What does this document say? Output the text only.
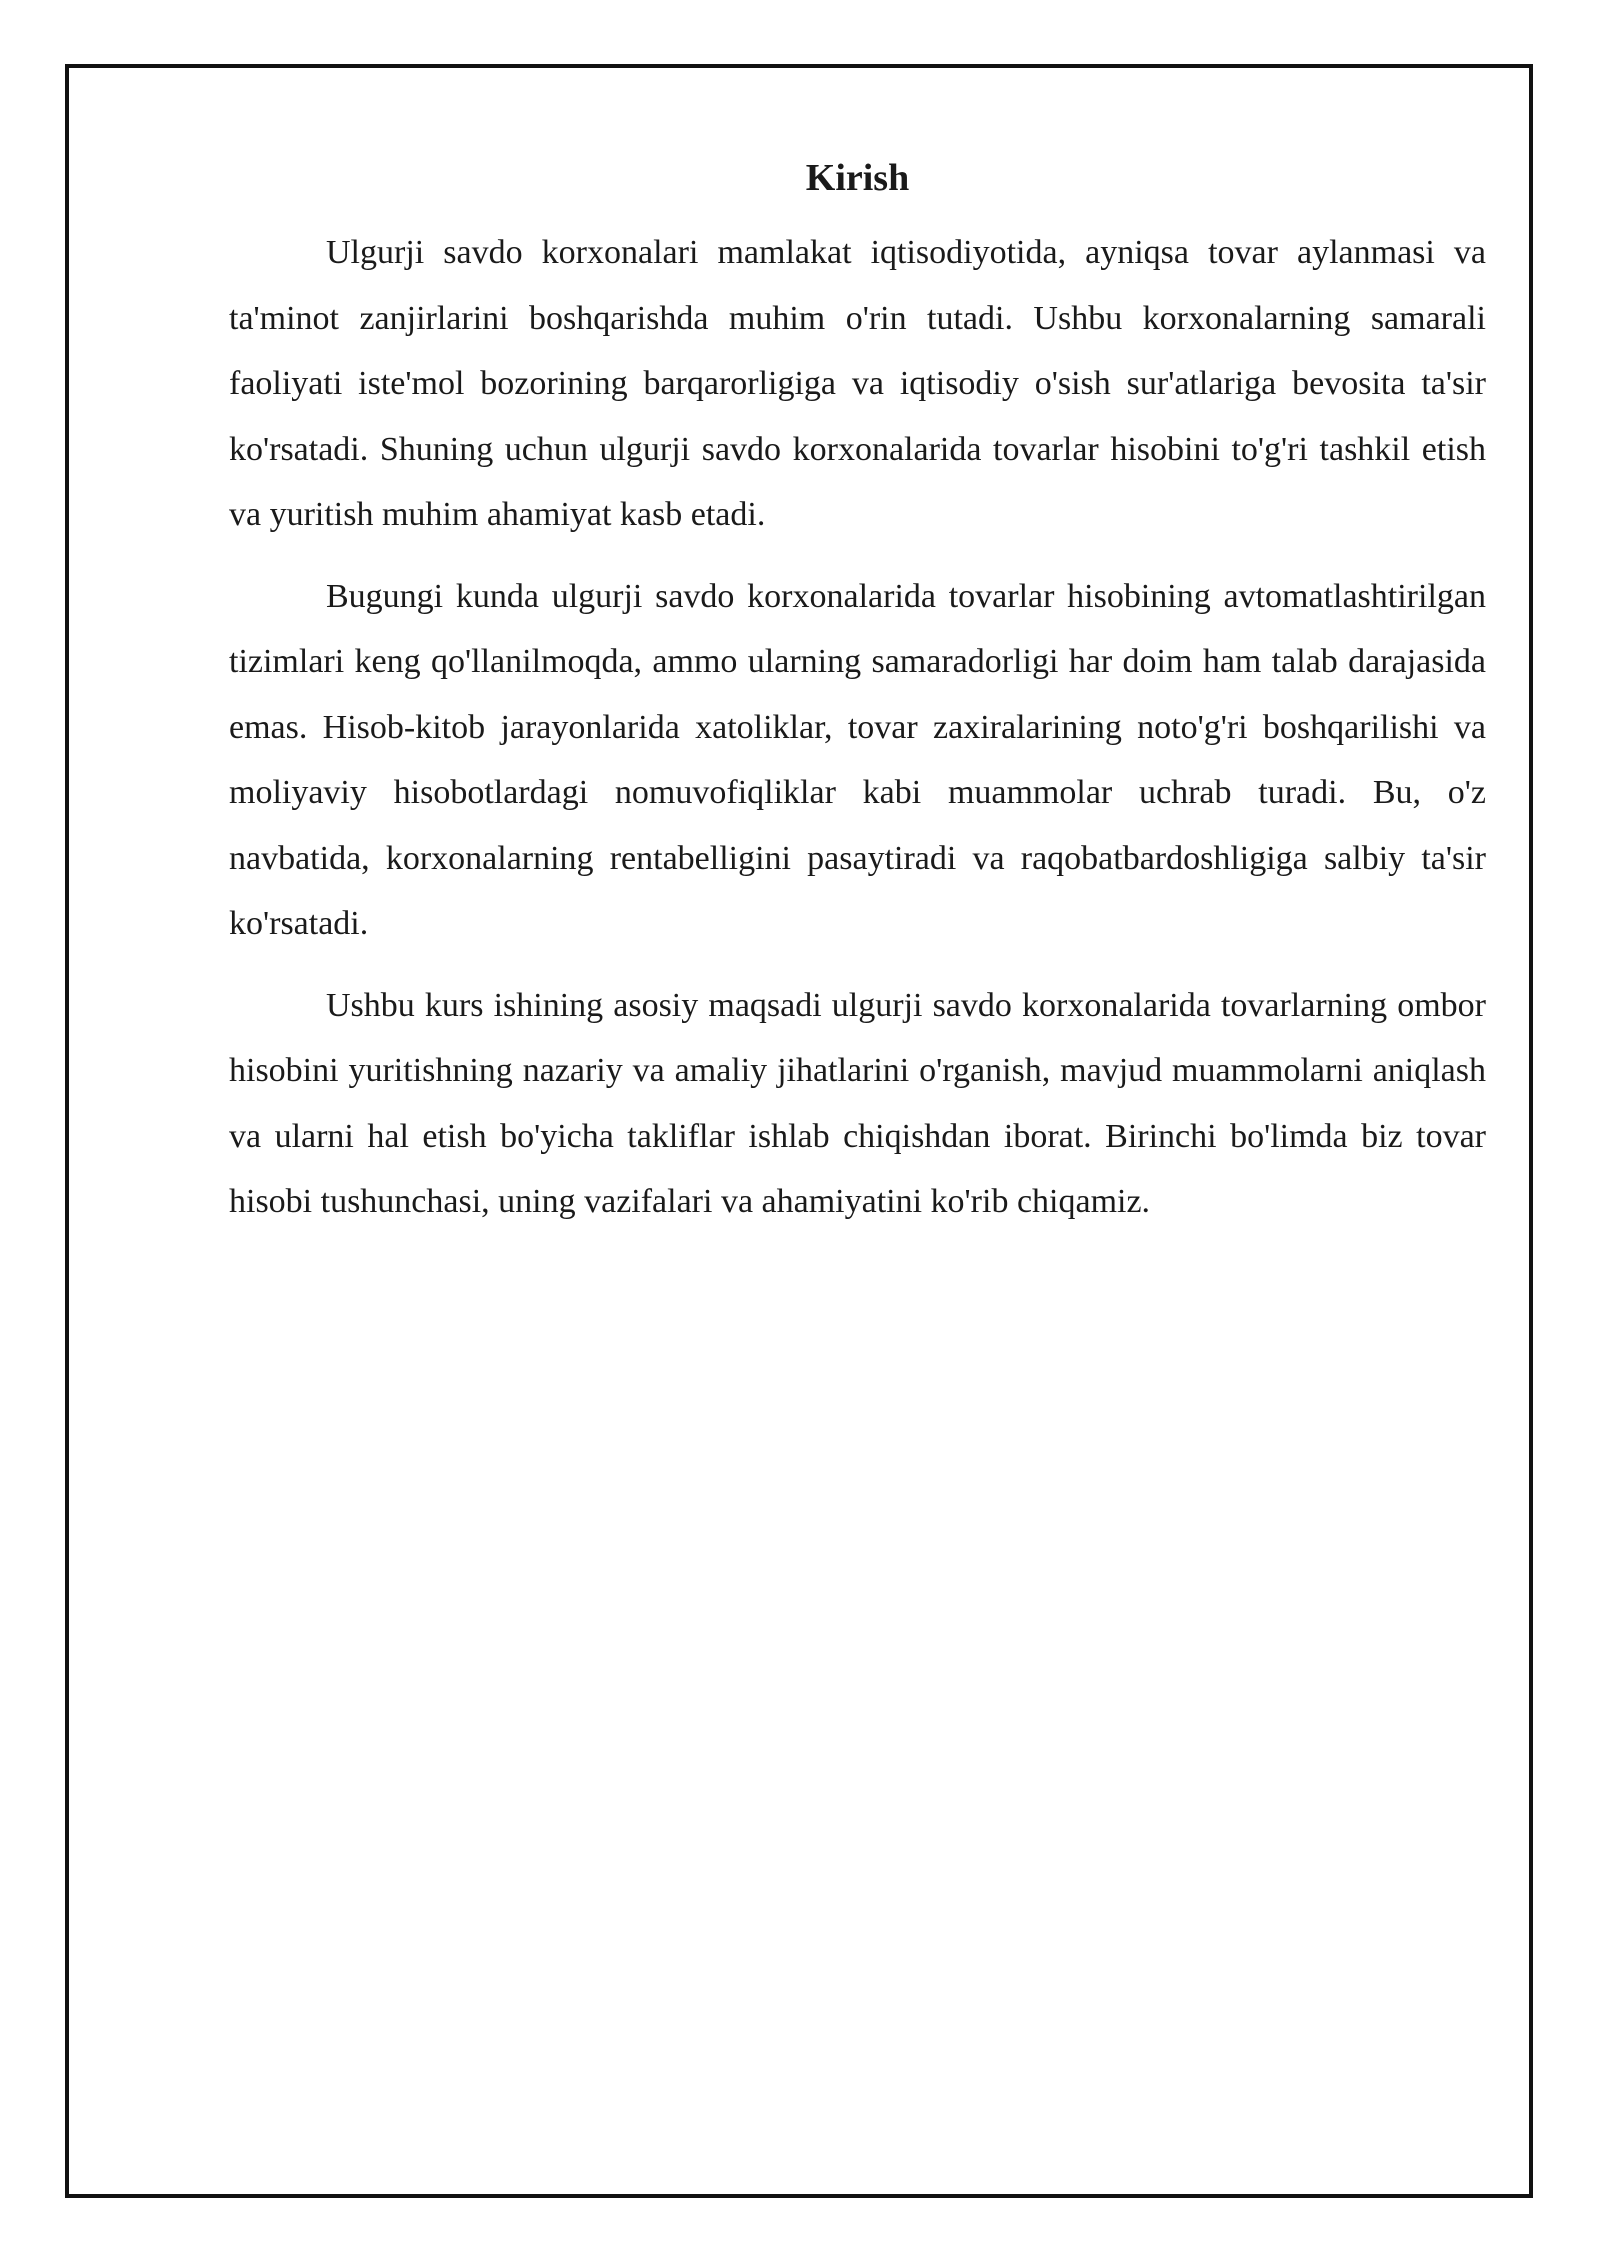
Kirish

Ulgurji savdo korxonalari mamlakat iqtisodiyotida, ayniqsa tovar aylanmasi va ta'minot zanjirlarini boshqarishda muhim o'rin tutadi. Ushbu korxonalarning samarali faoliyati iste'mol bozorining barqarorligiga va iqtisodiy o'sish sur'atlariga bevosita ta'sir ko'rsatadi. Shuning uchun ulgurji savdo korxonalarida tovarlar hisobini to'g'ri tashkil etish va yuritish muhim ahamiyat kasb etadi.

Bugungi kunda ulgurji savdo korxonalarida tovarlar hisobining avtomatlashtirilgan tizimlari keng qo'llanilmoqda, ammo ularning samaradorligi har doim ham talab darajasida emas. Hisob-kitob jarayonlarida xatoliklar, tovar zaxiralarining noto'g'ri boshqarilishi va moliyaviy hisobotlardagi nomuvofiqliklar kabi muammolar uchrab turadi. Bu, o'z navbatida, korxonalarning rentabelligini pasaytiradi va raqobatbardoshligiga salbiy ta'sir ko'rsatadi.

Ushbu kurs ishining asosiy maqsadi ulgurji savdo korxonalarida tovarlarning ombor hisobini yuritishning nazariy va amaliy jihatlarini o'rganish, mavjud muammolarni aniqlash va ularni hal etish bo'yicha takliflar ishlab chiqishdan iborat. Birinchi bo'limda biz tovar hisobi tushunchasi, uning vazifalari va ahamiyatini ko'rib chiqamiz.
